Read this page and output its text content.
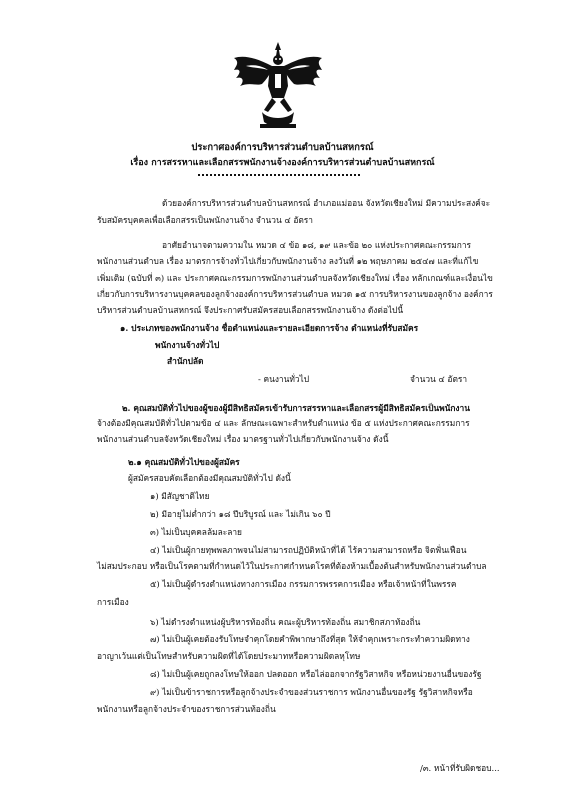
ประกาศองค์การบริหารส่วนตำบลบ้านสหกรณ์
เรื่อง การสรรหาและเลือกสรรพนักงานจ้างองค์การบริหารส่วนตำบลบ้านสหกรณ์
ด้วยองค์การบริหารส่วนตำบลบ้านสหกรณ์ อำเภอแม่ออน จังหวัดเชียงใหม่ มีความประสงค์จะ
รับสมัครบุคคลเพื่อเลือกสรรเป็นพนักงานจ้าง จำนวน ๔ อัตรา
อาศัยอำนาจตามความใน หมวด ๔ ข้อ ๑๘, ๑๙ และข้อ ๒๐ แห่งประกาศคณะกรรมการ
พนักงานส่วนตำบล เรื่อง มาตรการจ้างทั่วไปเกี่ยวกับพนักงานจ้าง ลงวันที่ ๑๒ พฤษภาคม ๒๕๔๗ และที่แก้ไข
เพิ่มเติม (ฉบับที่ ๓) และ ประกาศคณะกรรมการพนักงานส่วนตำบลจังหวัดเชียงใหม่ เรื่อง หลักเกณฑ์และเงื่อนไข
เกี่ยวกับการบริหารงานบุคคลของลูกจ้างองค์การบริหารส่วนตำบล หมวด ๑๕ การบริหารงานของลูกจ้าง องค์การ
บริหารส่วนตำบลบ้านสหกรณ์ จึงประกาศรับสมัครสอบเลือกสรรพนักงานจ้าง ดังต่อไปนี้
๑. ประเภทของพนักงานจ้าง ชื่อตำแหน่งและรายละเอียดการจ้าง ตำแหน่งที่รับสมัคร
พนักงานจ้างทั่วไป
สำนักปลัด
- คนงานทั่วไป	จำนวน ๔ อัตรา
๒. คุณสมบัติทั่วไปของผู้ของผู้มีสิทธิสมัครเข้ารับการสรรหาและเลือกสรรผู้มีสิทธิสมัครเป็นพนักงาน
จ้างต้องมีคุณสมบัติทั่วไปตามข้อ ๔ และ ลักษณะเฉพาะสำหรับตำแหน่ง ข้อ ๕ แห่งประกาศคณะกรรมการ
พนักงานส่วนตำบลจังหวัดเชียงใหม่ เรื่อง มาตรฐานทั่วไปเกี่ยวกับพนักงานจ้าง ดังนี้
๒.๑ คุณสมบัติทั่วไปของผู้สมัคร
ผู้สมัครสอบคัดเลือกต้องมีคุณสมบัติทั่วไป ดังนี้
๑) มีสัญชาติไทย
๒) มีอายุไม่ต่ำกว่า ๑๘ ปีบริบูรณ์ และ ไม่เกิน ๖๐ ปี
๓) ไม่เป็นบุคคลล้มละลาย
๔) ไม่เป็นผู้กายทุพพลภาพจนไม่สามารถปฏิบัติหน้าที่ได้ ไร้ความสามารถหรือ จิตฟั่นเฟือน
ไม่สมประกอบ หรือเป็นโรคตามที่กำหนดไว้ในประกาศกำหนดโรคที่ต้องห้ามเบื้องต้นสำหรับพนักงานส่วนตำบล
๕) ไม่เป็นผู้ดำรงตำแหน่งทางการเมือง กรรมการพรรคการเมือง หรือเจ้าหน้าที่ในพรรค
การเมือง
๖) ไม่ดำรงตำแหน่งผู้บริหารท้องถิ่น คณะผู้บริหารท้องถิ่น สมาชิกสภาท้องถิ่น
๗) ไม่เป็นผู้เคยต้องรับโทษจำคุกโดยคำพิพากษาถึงที่สุด ให้จำคุกเพราะกระทำความผิดทาง
อาญาเว้นแต่เป็นโทษสำหรับความผิดที่ได้โดยประมาทหรือความผิดลหุโทษ
๘) ไม่เป็นผู้เคยถูกลงโทษให้ออก ปลดออก หรือไล่ออกจากรัฐวิสาหกิจ หรือหน่วยงานอื่นของรัฐ
๙) ไม่เป็นข้าราชการหรือลูกจ้างประจำของส่วนราชการ พนักงานอื่นของรัฐ รัฐวิสาหกิจหรือ
พนักงานหรือลูกจ้างประจำของราชการส่วนท้องถิ่น
/๓. หน้าที่รับผิดชอบ...
